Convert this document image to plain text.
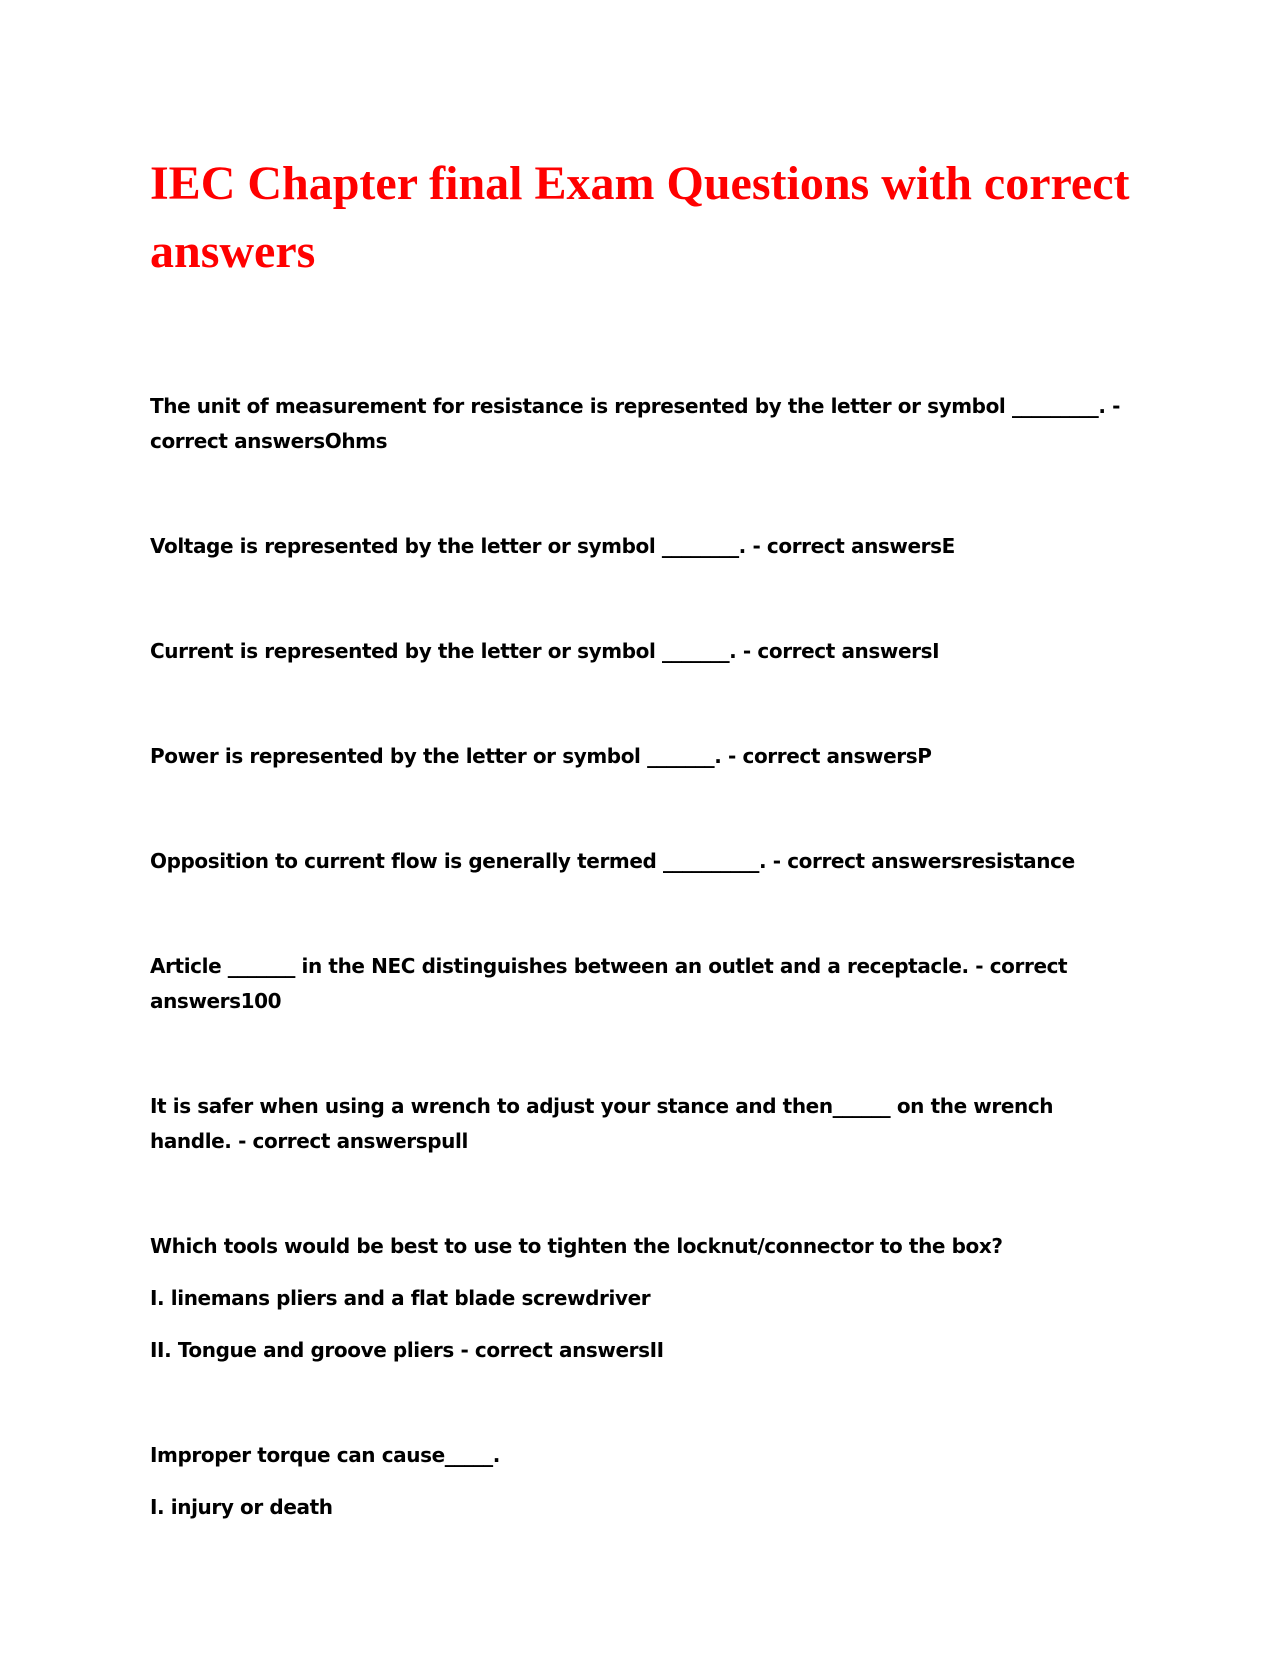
IEC Chapter final Exam Questions with correct answers

The unit of measurement for resistance is represented by the letter or symbol _________. - correct answersOhms

Voltage is represented by the letter or symbol ________. - correct answersE

Current is represented by the letter or symbol _______. - correct answersI

Power is represented by the letter or symbol _______. - correct answersP

Opposition to current flow is generally termed __________. - correct answersresistance

Article _______ in the NEC distinguishes between an outlet and a receptacle. - correct answers100

It is safer when using a wrench to adjust your stance and then______ on the wrench handle. - correct answerspull

Which tools would be best to use to tighten the locknut/connector to the box?
I. linemans pliers and a flat blade screwdriver
II. Tongue and groove pliers - correct answersII
Improper torque can cause_____.
I. injury or death
